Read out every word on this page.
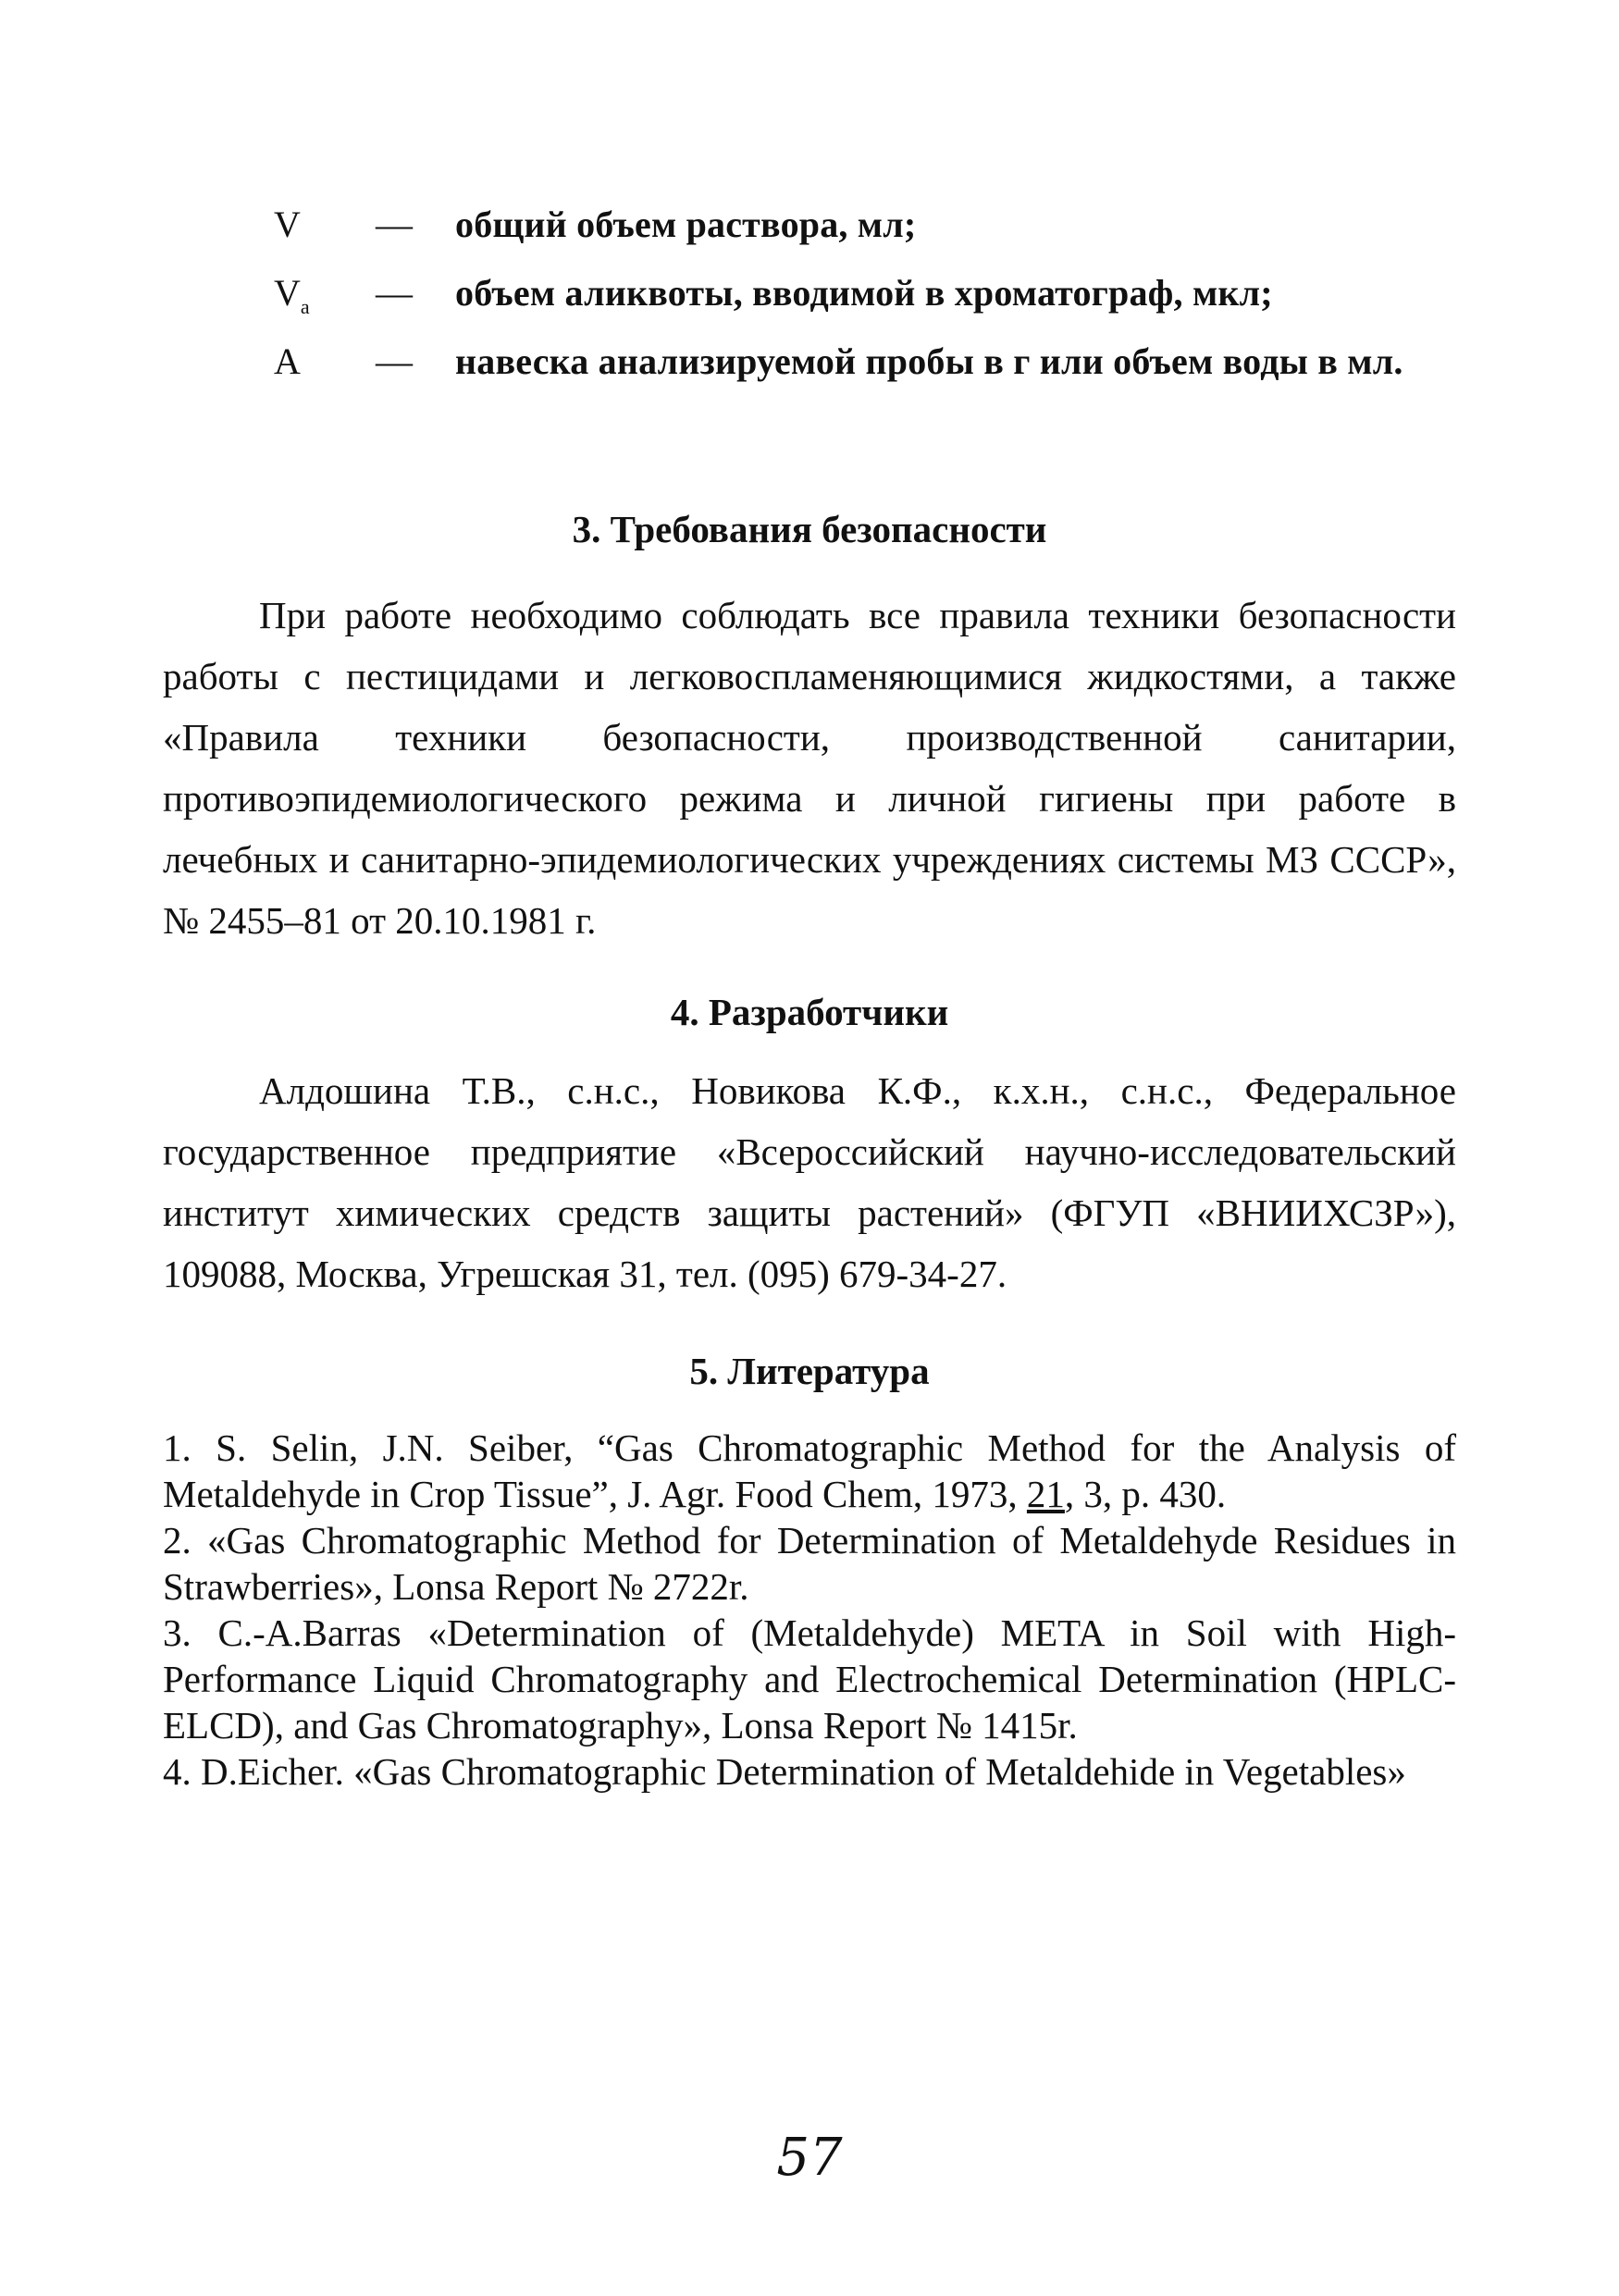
V	— общий объем раствора, мл;
$V_a$	— объем аликвоты, вводимой в хроматограф, мкл;
A	— навеска анализируемой пробы в г или объем воды в мл.
3. Требования безопасности

При работе необходимо соблюдать все правила техники безопасности работы с пестицидами и легковоспламеняющимися жидкостями, а также «Правила техники безопасности, производственной санитарии, противоэпидемиологического режима и личной гигиены при работе в лечебных и санитарно-эпидемиологических учреждениях системы МЗ СССР», № 2455–81 от 20.10.1981 г.

4. Разработчики

Алдошина Т.В., с.н.с., Новикова К.Ф., к.х.н., с.н.с., Федеральное государственное предприятие «Всероссийский научно-исследовательский институт химических средств защиты растений» (ФГУП «ВНИИХСЗР»), 109088, Москва, Угрешская 31, тел. (095) 679-34-27.

5. Литература
1. S. Selin, J.N. Seiber, “Gas Chromatographic Method for the Analysis of Metaldehyde in Crop Tissue”, J. Agr. Food Chem, 1973, 21, 3, p. 430.
2. «Gas Chromatographic Method for Determination of Metaldehyde Residues in Strawberries», Lonsa Report № 2722r.
3. C.-A.Barras «Determination of (Metaldehyde) META in Soil with High-Performance Liquid Chromatography and Electrochemical Determination (HPLC-ELCD), and Gas Chromatography», Lonsa Report № 1415r.
4. D.Eicher. «Gas Chromatographic Determination of Metaldehide in Vegetables»
57
